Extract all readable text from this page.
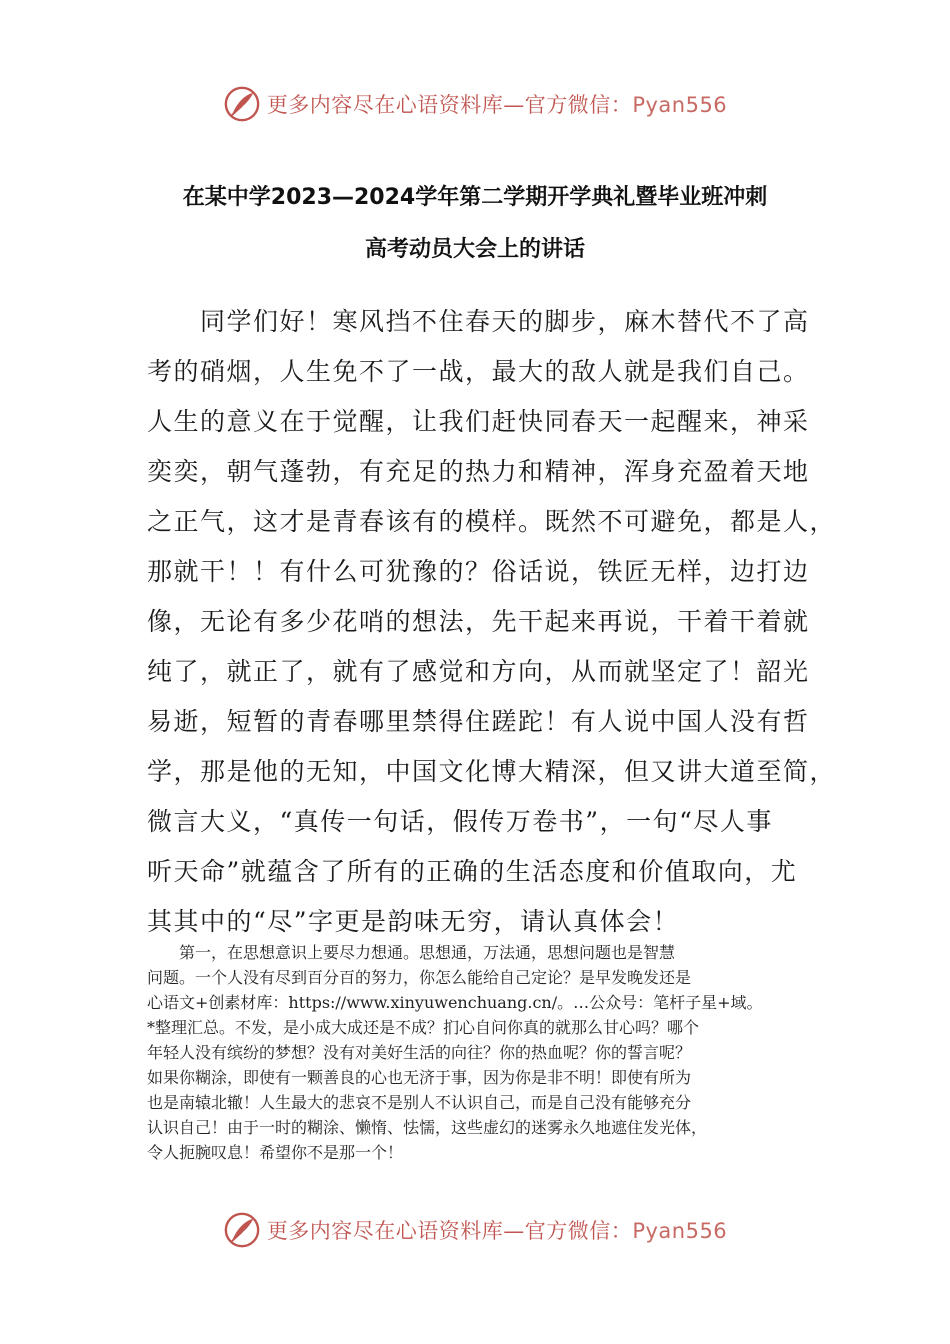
更多内容尽在心语资料库—官方微信：Pyan556
在某中学2023—2024学年第二学期开学典礼暨毕业班冲刺
高考动员大会上的讲话
　　同学们好！寒风挡不住春天的脚步，麻木替代不了高
考的硝烟，人生免不了一战，最大的敌人就是我们自己。
人生的意义在于觉醒，让我们赶快同春天一起醒来，神采
奕奕，朝气蓬勃，有充足的热力和精神，浑身充盈着天地
之正气，这才是青春该有的模样。既然不可避免，都是人，
那就干！！有什么可犹豫的？俗话说，铁匠无样，边打边
像，无论有多少花哨的想法，先干起来再说，干着干着就
纯了，就正了，就有了感觉和方向，从而就坚定了！韶光
易逝，短暂的青春哪里禁得住蹉跎！有人说中国人没有哲
学，那是他的无知，中国文化博大精深，但又讲大道至简，
微言大义，“真传一句话，假传万卷书”，一句“尽人事
听天命”就蕴含了所有的正确的生活态度和价值取向，尤
其其中的“尽”字更是韵味无穷，请认真体会！
　　第一，在思想意识上要尽力想通。思想通，万法通，思想问题也是智慧
问题。一个人没有尽到百分百的努力，你怎么能给自己定论？是早发晚发还是
心语文+创素材库：https://www.xinyuwenchuang.cn/。…公众号：笔杆子星+域。
*整理汇总。不发，是小成大成还是不成？扪心自问你真的就那么甘心吗？哪个
年轻人没有缤纷的梦想？没有对美好生活的向往？你的热血呢？你的誓言呢？
如果你糊涂，即使有一颗善良的心也无济于事，因为你是非不明！即使有所为
也是南辕北辙！人生最大的悲哀不是别人不认识自己，而是自己没有能够充分
认识自己！由于一时的糊涂、懒惰、怯懦，这些虚幻的迷雾永久地遮住发光体，
令人扼腕叹息！希望你不是那一个！
更多内容尽在心语资料库—官方微信：Pyan556
